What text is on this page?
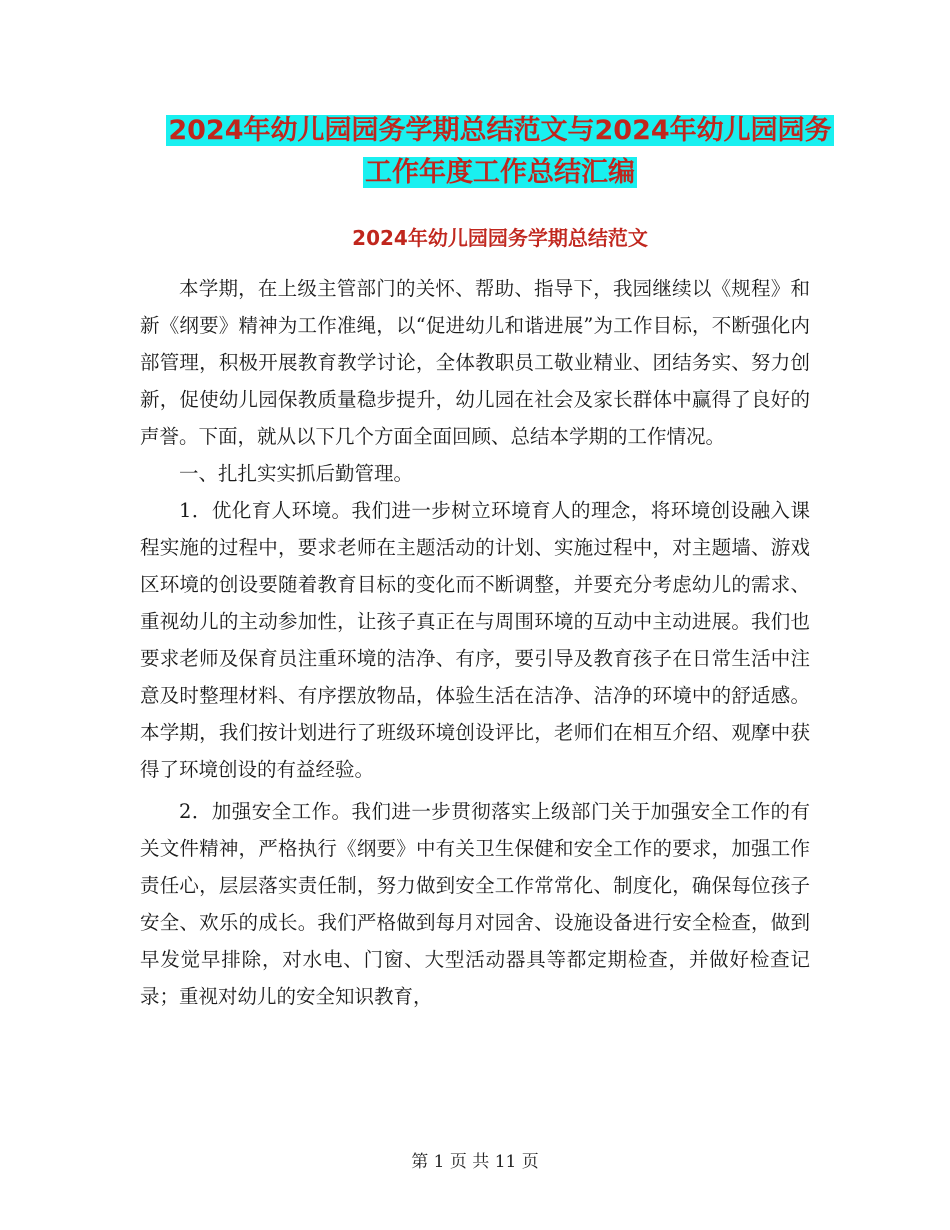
2024年幼儿园园务学期总结范文与2024年幼儿园园务
工作年度工作总结汇编
2024年幼儿园园务学期总结范文

本学期，在上级主管部门的关怀、帮助、指导下，我园继续以《规程》和新《纲要》精神为工作准绳，以“促进幼儿和谐进展”为工作目标，不断强化内部管理，积极开展教育教学讨论，全体教职员工敬业精业、团结务实、努力创新，促使幼儿园保教质量稳步提升，幼儿园在社会及家长群体中赢得了良好的声誉。下面，就从以下几个方面全面回顾、总结本学期的工作情况。

一、扎扎实实抓后勤管理。

1．优化育人环境。我们进一步树立环境育人的理念，将环境创设融入课程实施的过程中，要求老师在主题活动的计划、实施过程中，对主题墙、游戏区环境的创设要随着教育目标的变化而不断调整，并要充分考虑幼儿的需求、重视幼儿的主动参加性，让孩子真正在与周围环境的互动中主动进展。我们也要求老师及保育员注重环境的洁净、有序，要引导及教育孩子在日常生活中注意及时整理材料、有序摆放物品，体验生活在洁净、洁净的环境中的舒适感。本学期，我们按计划进行了班级环境创设评比，老师们在相互介绍、观摩中获得了环境创设的有益经验。

2．加强安全工作。我们进一步贯彻落实上级部门关于加强安全工作的有关文件精神，严格执行《纲要》中有关卫生保健和安全工作的要求，加强工作责任心，层层落实责任制，努力做到安全工作常常化、制度化，确保每位孩子安全、欢乐的成长。我们严格做到每月对园舍、设施设备进行安全检查，做到早发觉早排除，对水电、门窗、大型活动器具等都定期检查，并做好检查记录；重视对幼儿的安全知识教育，

第 1 页 共 11 页
